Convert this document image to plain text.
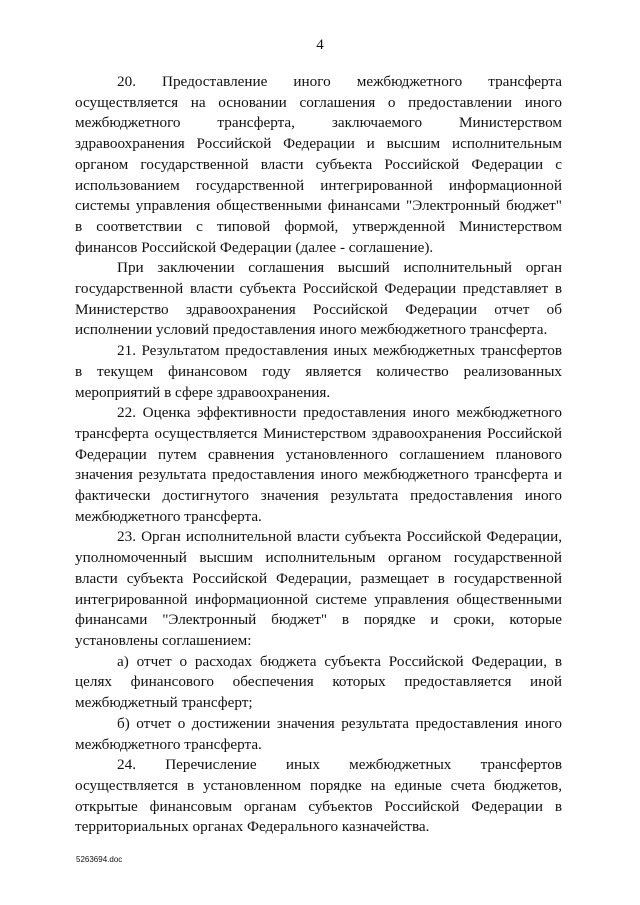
4

20. Предоставление иного межбюджетного трансферта осуществляется на основании соглашения о предоставлении иного межбюджетного трансферта, заключаемого Министерством здравоохранения Российской Федерации и высшим исполнительным органом государственной власти субъекта Российской Федерации с использованием государственной интегрированной информационной системы управления общественными финансами "Электронный бюджет" в соответствии с типовой формой, утвержденной Министерством финансов Российской Федерации (далее - соглашение).

При заключении соглашения высший исполнительный орган государственной власти субъекта Российской Федерации представляет в Министерство здравоохранения Российской Федерации отчет об исполнении условий предоставления иного межбюджетного трансферта.

21. Результатом предоставления иных межбюджетных трансфертов в текущем финансовом году является количество реализованных мероприятий в сфере здравоохранения.

22. Оценка эффективности предоставления иного межбюджетного трансферта осуществляется Министерством здравоохранения Российской Федерации путем сравнения установленного соглашением планового значения результата предоставления иного межбюджетного трансферта и фактически достигнутого значения результата предоставления иного межбюджетного трансферта.

23. Орган исполнительной власти субъекта Российской Федерации, уполномоченный высшим исполнительным органом государственной власти субъекта Российской Федерации, размещает в государственной интегрированной информационной системе управления общественными финансами "Электронный бюджет" в порядке и сроки, которые установлены соглашением:

а) отчет о расходах бюджета субъекта Российской Федерации, в целях финансового обеспечения которых предоставляется иной межбюджетный трансферт;

б) отчет о достижении значения результата предоставления иного межбюджетного трансферта.

24. Перечисление иных межбюджетных трансфертов осуществляется в установленном порядке на единые счета бюджетов, открытые финансовым органам субъектов Российской Федерации в территориальных органах Федерального казначейства.

5263694.doc
